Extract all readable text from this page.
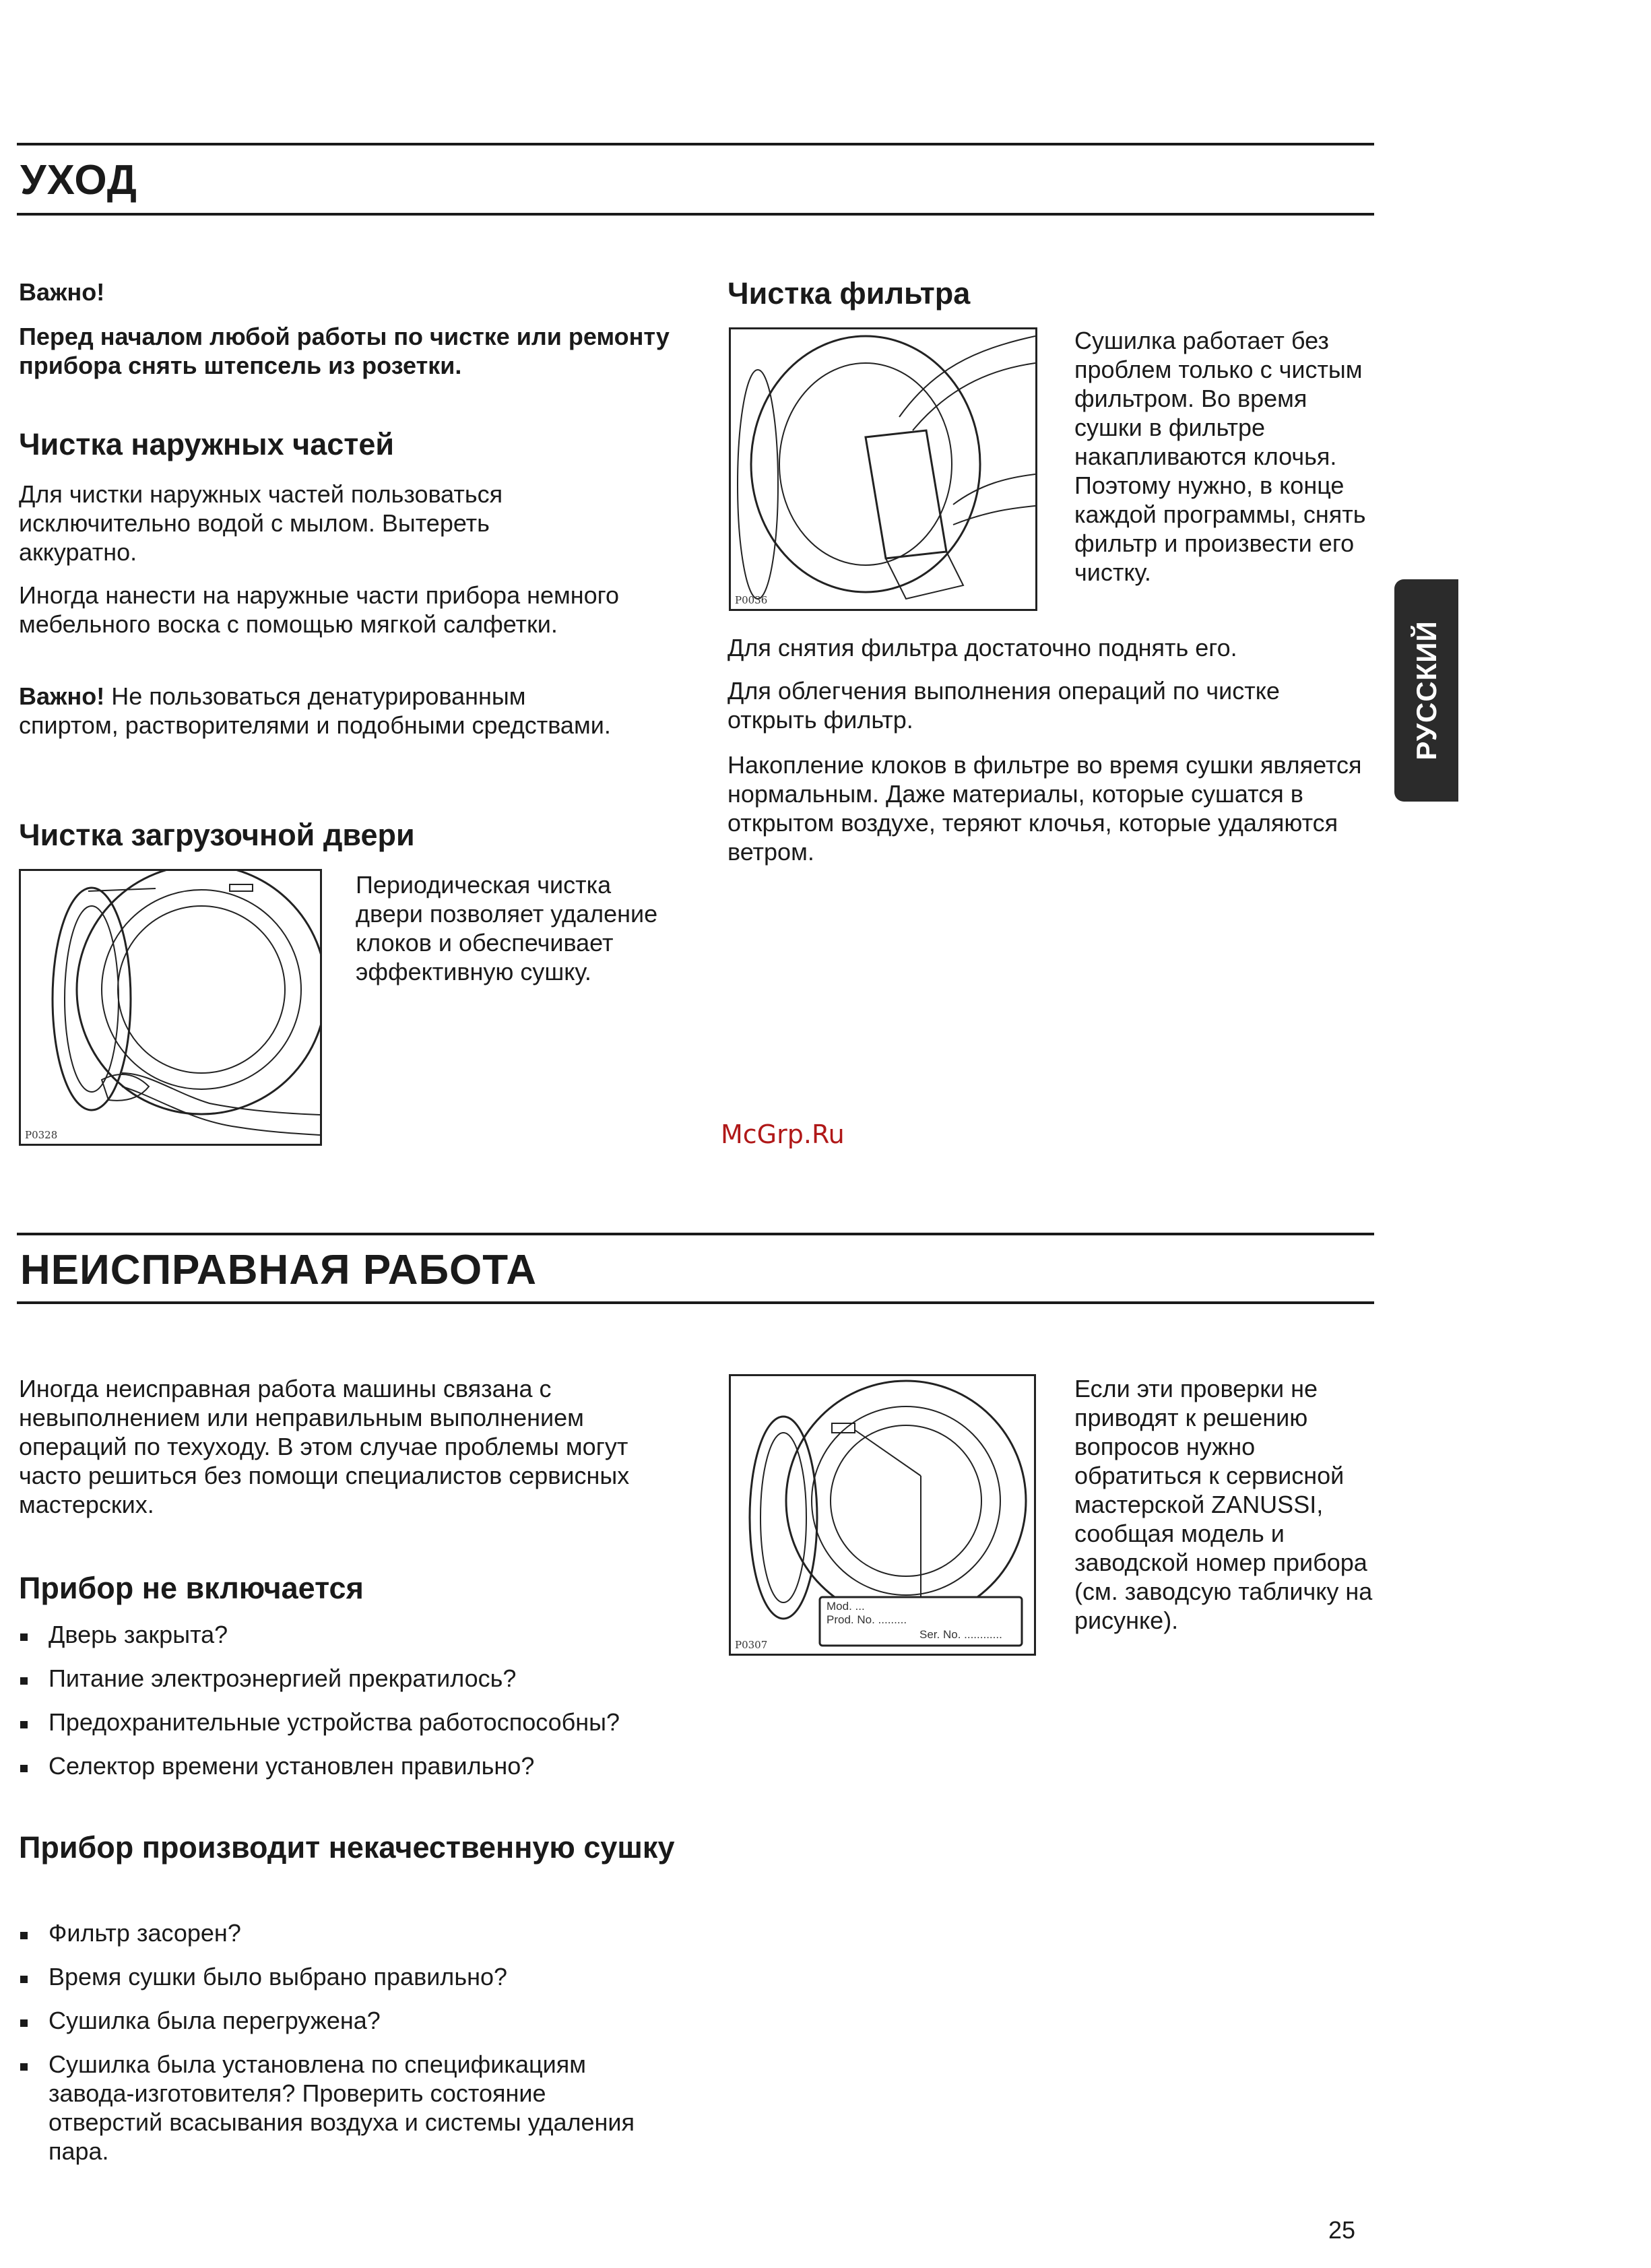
УХОД

Важно!

Перед началом любой работы по чистке или ремонту прибора снять штепсель из розетки.

Чистка наружных частей

Для чистки наружных частей пользоваться исключительно водой с мылом. Вытереть аккуратно.

Иногда нанести на наружные части прибора немного мебельного воска с помощью мягкой салфетки.

Важно! Не пользоваться денатурированным спиртом, растворителями и подобными средствами.

Чистка загрузочной двери
P0328

Периодическая чистка двери позволяет удаление клоков и обеспечивает эффективную сушку.

Чистка фильтра
P0036

Сушилка работает без проблем только с чистым фильтром. Во время сушки в фильтре накапливаются клочья. Поэтому нужно, в конце каждой программы, снять фильтр и произвести его чистку.

Для снятия фильтра достаточно поднять его.

Для облегчения выполнения операций по чистке открыть фильтр.

Накопление клоков в фильтре во время сушки является нормальным. Даже материалы, которые сушатся в открытом воздухе, теряют клочья, которые удаляются ветром.

РУССКИЙ
McGrp.Ru
НЕИСПРАВНАЯ РАБОТА

Иногда неисправная работа машины связана с невыполнением или неправильным выполнением операций по техуходу. В этом случае проблемы могут часто решиться без помощи специалистов сервисных мастерских.

Прибор не включается
Дверь закрыта?
Питание электроэнергией прекратилось?
Предохранительные устройства работоспособны?
Селектор времени установлен правильно?
Прибор производит некачественную сушку
Фильтр засорен?
Время сушки было выбрано правильно?
Сушилка была перегружена?
Сушилка была установлена по спецификациям завода-изготовителя? Проверить состояние отверстий всасывания воздуха и системы удаления пара.
Mod. ...
Prod. No. .........
Ser. No. ............
P0307

Если эти проверки не приводят к решению вопросов нужно обратиться к сервисной мастерской ZANUSSI, сообщая модель и заводской номер прибора (см. заводсую табличку на рисунке).

25
